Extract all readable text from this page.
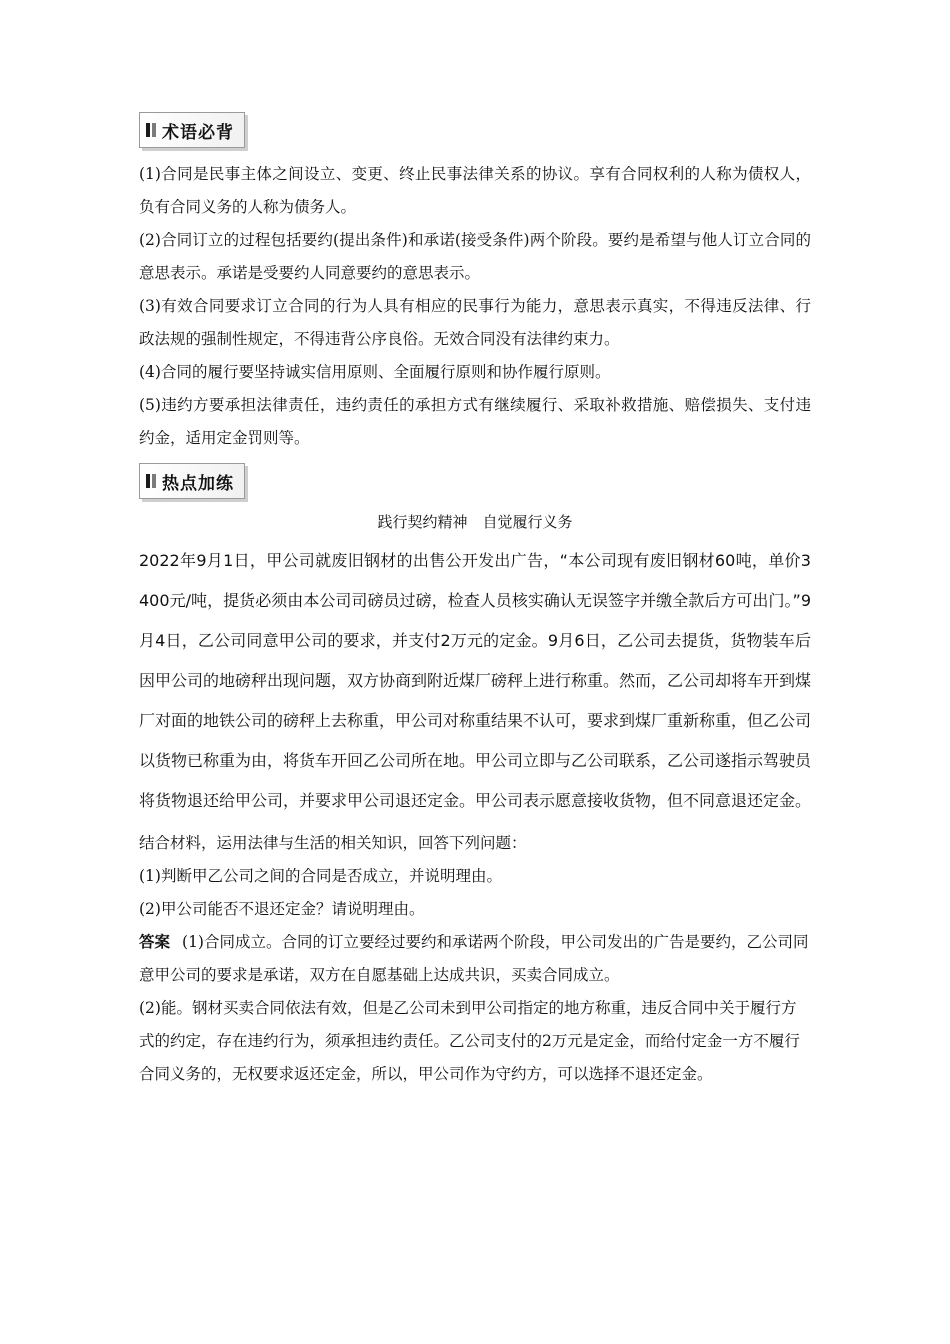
术语必背

(1)合同是民事主体之间设立、变更、终止民事法律关系的协议。享有合同权利的人称为债权人，负有合同义务的人称为债务人。

(2)合同订立的过程包括要约(提出条件)和承诺(接受条件)两个阶段。要约是希望与他人订立合同的意思表示。承诺是受要约人同意要约的意思表示。

(3)有效合同要求订立合同的行为人具有相应的民事行为能力，意思表示真实，不得违反法律、行政法规的强制性规定，不得违背公序良俗。无效合同没有法律约束力。

(4)合同的履行要坚持诚实信用原则、全面履行原则和协作履行原则。

(5)违约方要承担法律责任，违约责任的承担方式有继续履行、采取补救措施、赔偿损失、支付违约金，适用定金罚则等。

热点加练

践行契约精神　自觉履行义务

2022年9月1日，甲公司就废旧钢材的出售公开发出广告，“本公司现有废旧钢材60吨，单价3 400元/吨，提货必须由本公司司磅员过磅，检查人员核实确认无误签字并缴全款后方可出门。”9月4日，乙公司同意甲公司的要求，并支付2万元的定金。9月6日，乙公司去提货，货物装车后因甲公司的地磅秤出现问题，双方协商到附近煤厂磅秤上进行称重。然而，乙公司却将车开到煤厂对面的地铁公司的磅秤上去称重，甲公司对称重结果不认可，要求到煤厂重新称重，但乙公司以货物已称重为由，将货车开回乙公司所在地。甲公司立即与乙公司联系，乙公司遂指示驾驶员将货物退还给甲公司，并要求甲公司退还定金。甲公司表示愿意接收货物，但不同意退还定金。

结合材料，运用法律与生活的相关知识，回答下列问题：

(1)判断甲乙公司之间的合同是否成立，并说明理由。

(2)甲公司能否不退还定金？请说明理由。

答案 (1)合同成立。合同的订立要经过要约和承诺两个阶段，甲公司发出的广告是要约，乙公司同意甲公司的要求是承诺，双方在自愿基础上达成共识，买卖合同成立。

(2)能。钢材买卖合同依法有效，但是乙公司未到甲公司指定的地方称重，违反合同中关于履行方式的约定，存在违约行为，须承担违约责任。乙公司支付的2万元是定金，而给付定金一方不履行合同义务的，无权要求返还定金，所以，甲公司作为守约方，可以选择不退还定金。
